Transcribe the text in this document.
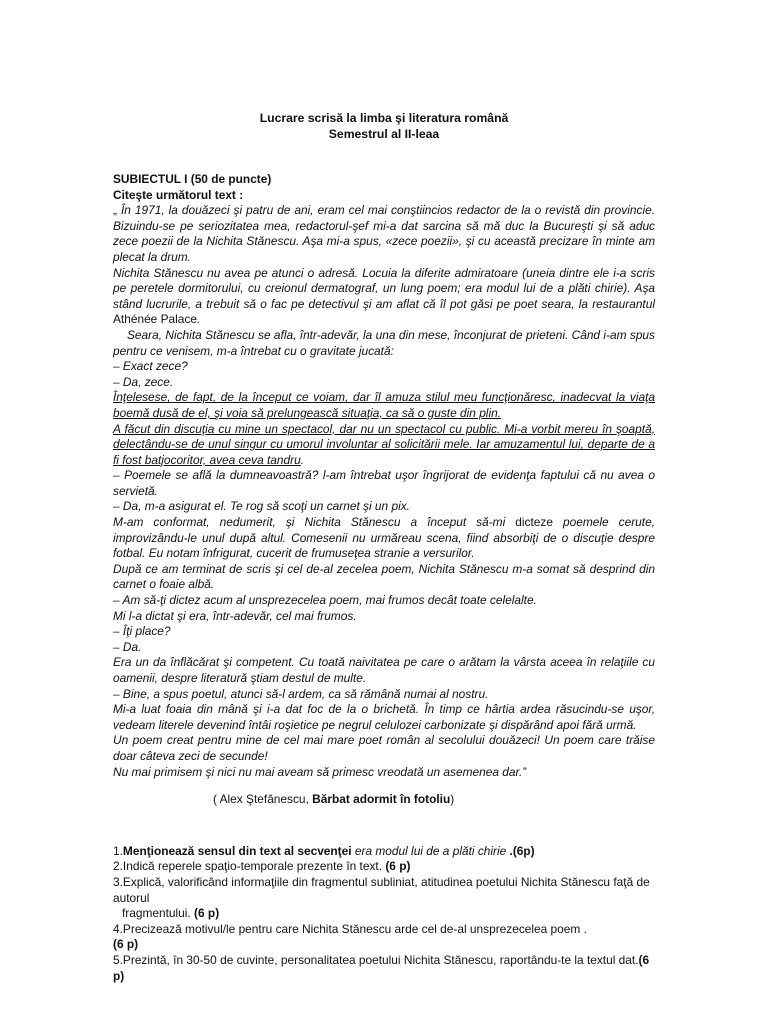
Lucrare scrisă la limba şi literatura română
Semestrul al II-leaa
SUBIECTUL I (50 de puncte)
Citeşte următorul text :

„ În 1971, la douăzeci şi patru de ani, eram cel mai conştiincios redactor de la o revistă din provincie. Bizuindu-se pe seriozitatea mea, redactorul-şef mi-a dat sarcina să mă duc la Bucureşti şi să aduc zece poezii de la Nichita Stănescu. Aşa mi-a spus, «zece poezii», şi cu această precizare în minte am plecat la drum.

Nichita Stănescu nu avea pe atunci o adresă. Locuia la diferite admiratoare (uneia dintre ele i-a scris pe peretele dormitorului, cu creionul dermatograf, un lung poem; era modul lui de a plăti chirie). Aşa stând lucrurile, a trebuit să o fac pe detectivul şi am aflat că îl pot găsi pe poet seara, la restaurantul Athénée Palace.

Seara, Nichita Stănescu se afla, într-adevăr, la una din mese, înconjurat de prieteni. Când i-am spus pentru ce venisem, m-a întrebat cu o gravitate jucată:

– Exact zece?

– Da, zece.

Înţelesese, de fapt, de la început ce voiam, dar îl amuza stilul meu funcţionăresc, inadecvat la viaţa boemă dusă de el, şi voia să prelungească situaţia, ca să o guste din plin.

A făcut din discuţia cu mine un spectacol, dar nu un spectacol cu public. Mi-a vorbit mereu în şoaptă, delectându-se de unul singur cu umorul involuntar al solicitării mele. Iar amuzamentul lui, departe de a fi fost batjocoritor, avea ceva tandru.

– Poemele se află la dumneavoastră? l-am întrebat uşor îngrijorat de evidenţa faptului că nu avea o servietă.

– Da, m-a asigurat el. Te rog să scoţi un carnet şi un pix.

M-am conformat, nedumerit, şi Nichita Stănescu a început să-mi dicteze poemele cerute, improvizându-le unul după altul. Comesenii nu urmăreau scena, fiind absorbiţi de o discuţie despre fotbal. Eu notam înfrigurat, cucerit de frumuseţea stranie a versurilor.

După ce am terminat de scris şi cel de-al zecelea poem, Nichita Stănescu m-a somat să desprind din carnet o foaie albă.

– Am să-ţi dictez acum al unsprezecelea poem, mai frumos decât toate celelalte.

Mi l-a dictat şi era, într-adevăr, cel mai frumos.

– Îţi place?

– Da.

Era un da înflăcărat şi competent. Cu toată naivitatea pe care o arătam la vârsta aceea în relaţiile cu oamenii, despre literatură ştiam destul de multe.

– Bine, a spus poetul, atunci să-l ardem, ca să rămână numai al nostru.

Mi-a luat foaia din mână şi i-a dat foc de la o brichetă. În timp ce hârtia ardea răsucindu-se uşor, vedeam literele devenind întâi roşietice pe negrul celulozei carbonizate şi dispărând apoi fără urmă.

Un poem creat pentru mine de cel mai mare poet român al secolului douăzeci! Un poem care trăise doar câteva zeci de secunde!

Nu mai primisem şi nici nu mai aveam să primesc vreodată un asemenea dar.”

( Alex Ştefănescu, Bărbat adormit în fotoliu)

1.Menţionează sensul din text al secvenţei era modul lui de a plăti chirie .(6p)

2.Indică reperele spaţio-temporale prezente în text. (6 p)

3.Explică, valorificând informaţiile din fragmentul subliniat, atitudinea poetului Nichita Stănescu faţă de autorul

fragmentului. (6 p)

4.Precizează motivul/le pentru care Nichita Stănescu arde cel de-al unsprezecelea poem .

(6 p)

5.Prezintă, în 30-50 de cuvinte, personalitatea poetului Nichita Stănescu, raportându-te la textul dat.(6 p)
